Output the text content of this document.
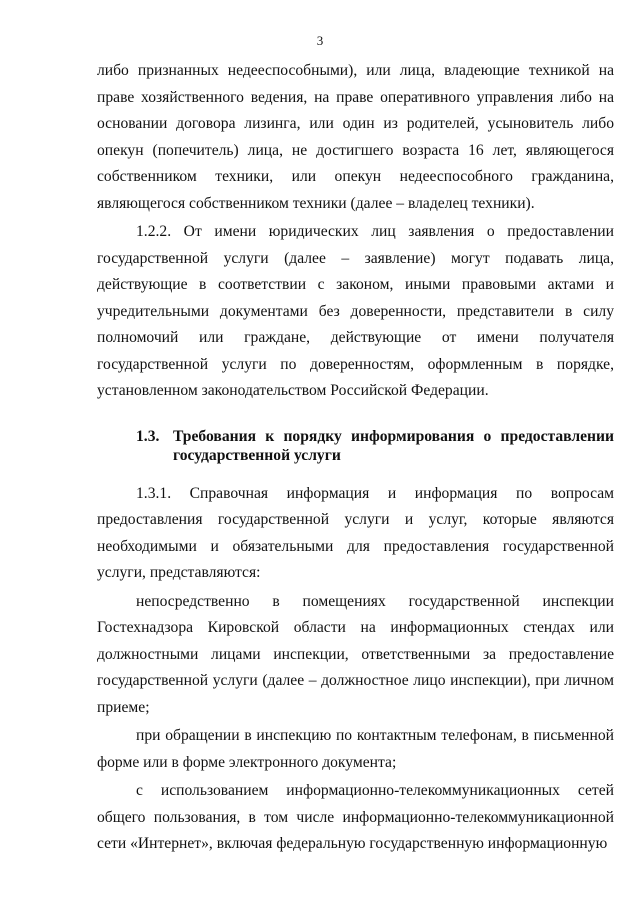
3

либо признанных недееспособными), или лица, владеющие техникой на праве хозяйственного ведения, на праве оперативного управления либо на основании договора лизинга, или один из родителей, усыновитель либо опекун (попечитель) лица, не достигшего возраста 16 лет, являющегося собственником техники, или опекун недееспособного гражданина, являющегося собственником техники (далее – владелец техники).

1.2.2. От имени юридических лиц заявления о предоставлении государственной услуги (далее – заявление) могут подавать лица, действующие в соответствии с законом, иными правовыми актами и учредительными документами без доверенности, представители в силу полномочий или граждане, действующие от имени получателя государственной услуги по доверенностям, оформленным в порядке, установленном законодательством Российской Федерации.

1.3. Требования к порядку информирования о предоставлении государственной услуги

1.3.1. Справочная информация и информация по вопросам предоставления государственной услуги и услуг, которые являются необходимыми и обязательными для предоставления государственной услуги, представляются:

непосредственно в помещениях государственной инспекции Гостехнадзора Кировской области на информационных стендах или должностными лицами инспекции, ответственными за предоставление государственной услуги (далее – должностное лицо инспекции), при личном приеме;

при обращении в инспекцию по контактным телефонам, в письменной форме или в форме электронного документа;

с использованием информационно-телекоммуникационных сетей общего пользования, в том числе информационно-телекоммуникационной сети «Интернет», включая федеральную государственную информационную
